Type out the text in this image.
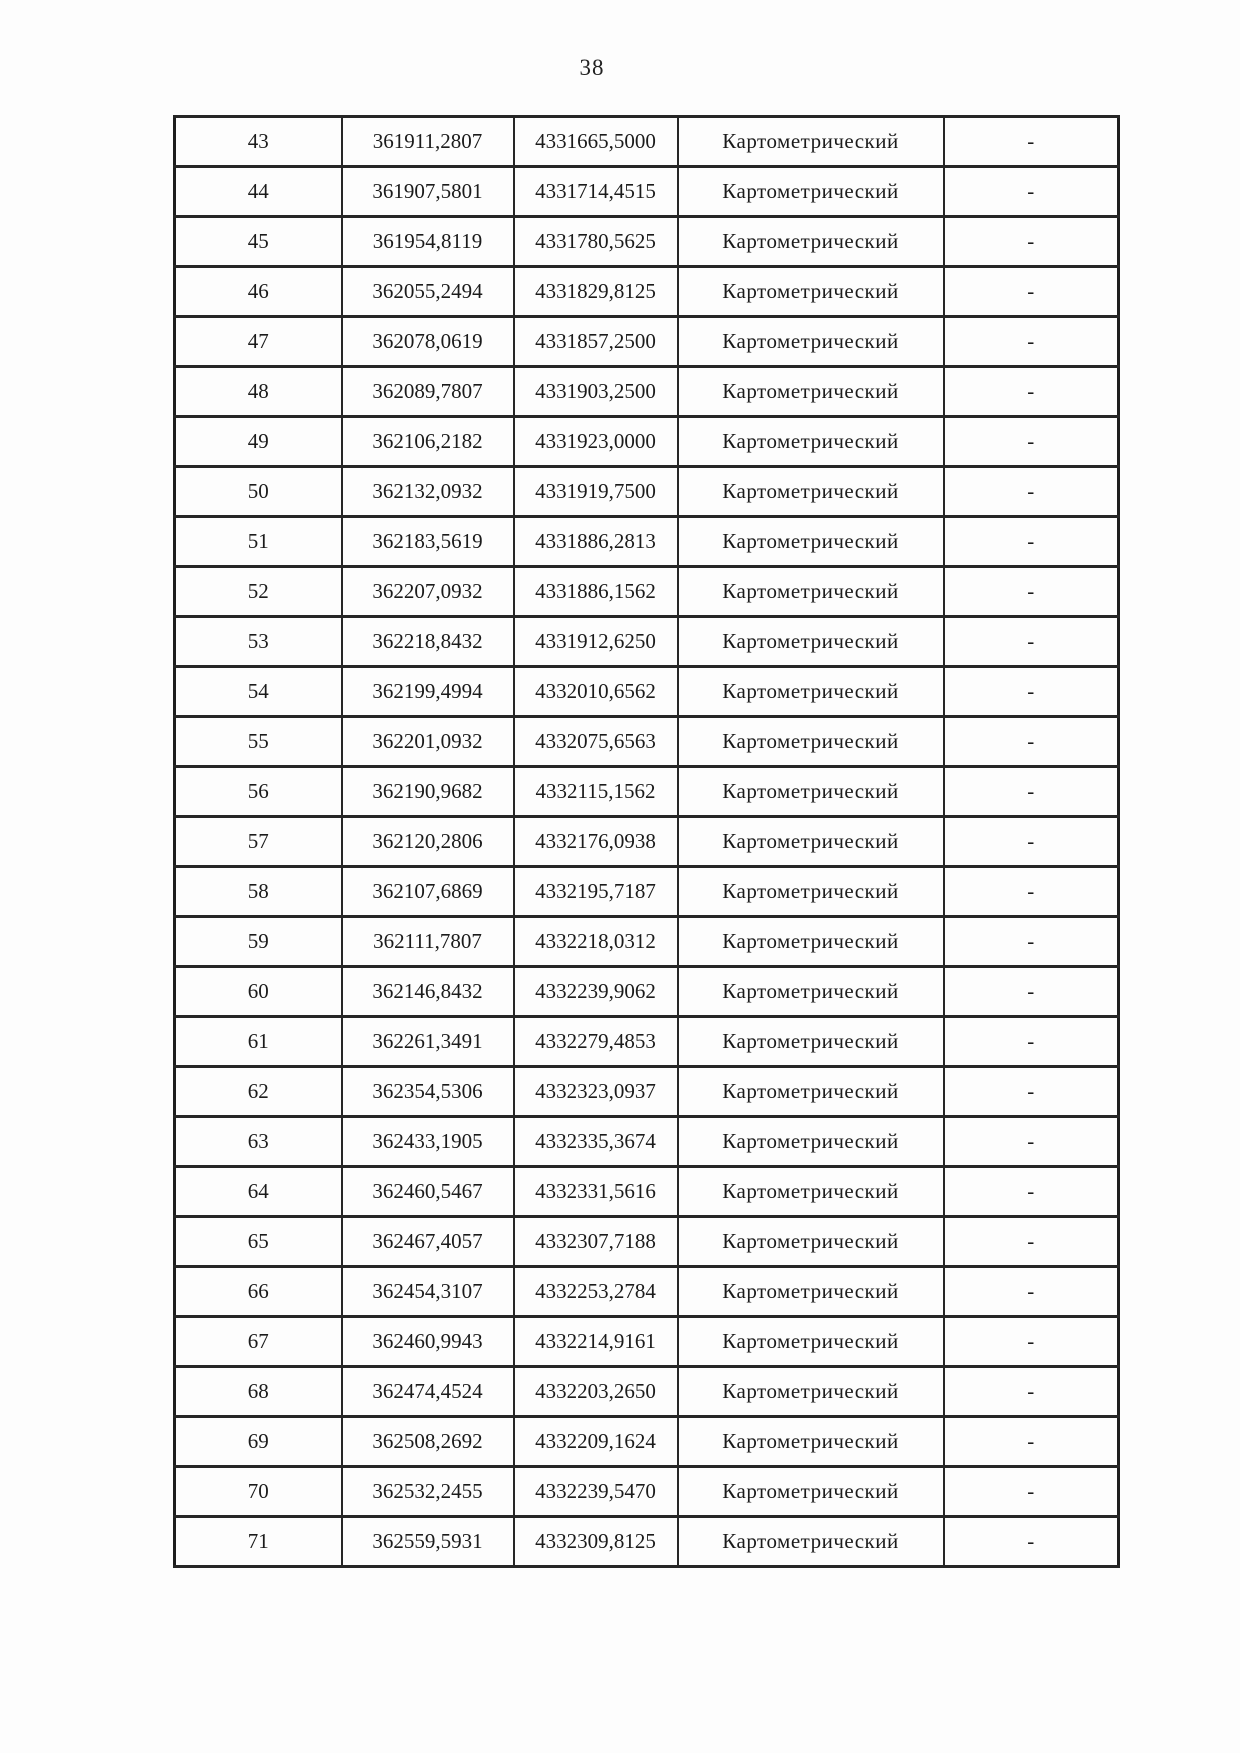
38
43	361911,2807	4331665,5000	Картометрический	-
44	361907,5801	4331714,4515	Картометрический	-
45	361954,8119	4331780,5625	Картометрический	-
46	362055,2494	4331829,8125	Картометрический	-
47	362078,0619	4331857,2500	Картометрический	-
48	362089,7807	4331903,2500	Картометрический	-
49	362106,2182	4331923,0000	Картометрический	-
50	362132,0932	4331919,7500	Картометрический	-
51	362183,5619	4331886,2813	Картометрический	-
52	362207,0932	4331886,1562	Картометрический	-
53	362218,8432	4331912,6250	Картометрический	-
54	362199,4994	4332010,6562	Картометрический	-
55	362201,0932	4332075,6563	Картометрический	-
56	362190,9682	4332115,1562	Картометрический	-
57	362120,2806	4332176,0938	Картометрический	-
58	362107,6869	4332195,7187	Картометрический	-
59	362111,7807	4332218,0312	Картометрический	-
60	362146,8432	4332239,9062	Картометрический	-
61	362261,3491	4332279,4853	Картометрический	-
62	362354,5306	4332323,0937	Картометрический	-
63	362433,1905	4332335,3674	Картометрический	-
64	362460,5467	4332331,5616	Картометрический	-
65	362467,4057	4332307,7188	Картометрический	-
66	362454,3107	4332253,2784	Картометрический	-
67	362460,9943	4332214,9161	Картометрический	-
68	362474,4524	4332203,2650	Картометрический	-
69	362508,2692	4332209,1624	Картометрический	-
70	362532,2455	4332239,5470	Картометрический	-
71	362559,5931	4332309,8125	Картометрический	-
